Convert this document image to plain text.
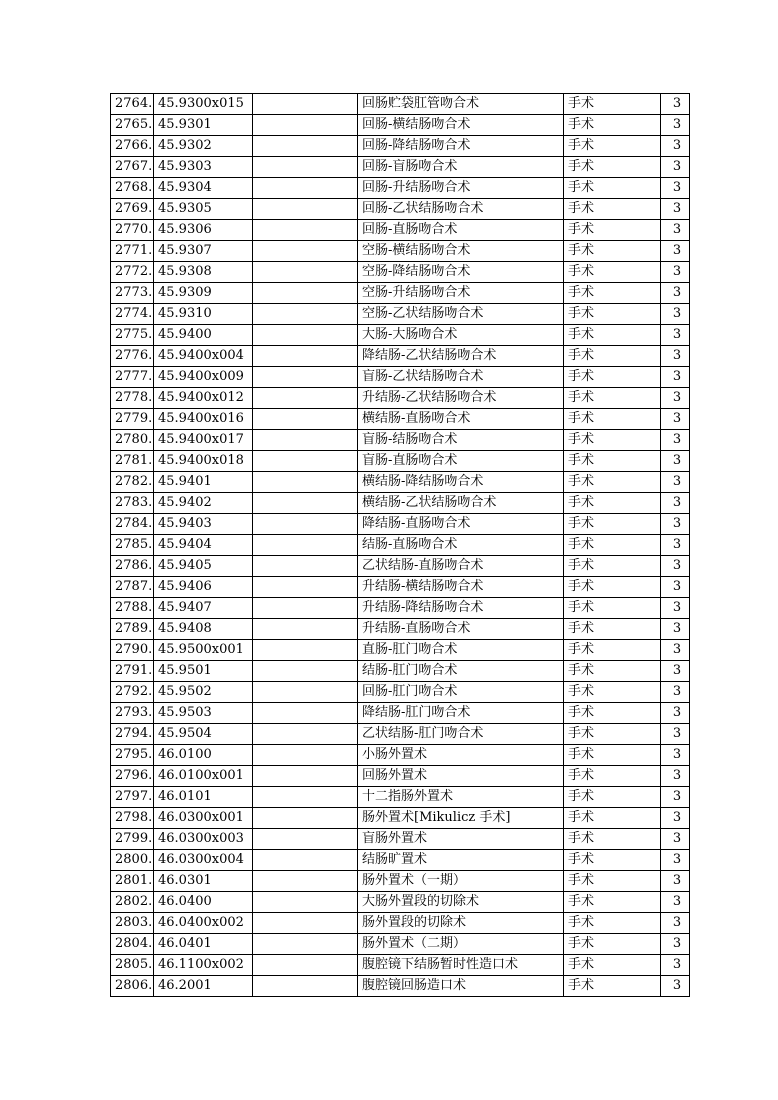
2764.	45.9300x015		回肠贮袋肛管吻合术	手术	3
2765.	45.9301		回肠-横结肠吻合术	手术	3
2766.	45.9302		回肠-降结肠吻合术	手术	3
2767.	45.9303		回肠-盲肠吻合术	手术	3
2768.	45.9304		回肠-升结肠吻合术	手术	3
2769.	45.9305		回肠-乙状结肠吻合术	手术	3
2770.	45.9306		回肠-直肠吻合术	手术	3
2771.	45.9307		空肠-横结肠吻合术	手术	3
2772.	45.9308		空肠-降结肠吻合术	手术	3
2773.	45.9309		空肠-升结肠吻合术	手术	3
2774.	45.9310		空肠-乙状结肠吻合术	手术	3
2775.	45.9400		大肠-大肠吻合术	手术	3
2776.	45.9400x004		降结肠-乙状结肠吻合术	手术	3
2777.	45.9400x009		盲肠-乙状结肠吻合术	手术	3
2778.	45.9400x012		升结肠-乙状结肠吻合术	手术	3
2779.	45.9400x016		横结肠-直肠吻合术	手术	3
2780.	45.9400x017		盲肠-结肠吻合术	手术	3
2781.	45.9400x018		盲肠-直肠吻合术	手术	3
2782.	45.9401		横结肠-降结肠吻合术	手术	3
2783.	45.9402		横结肠-乙状结肠吻合术	手术	3
2784.	45.9403		降结肠-直肠吻合术	手术	3
2785.	45.9404		结肠-直肠吻合术	手术	3
2786.	45.9405		乙状结肠-直肠吻合术	手术	3
2787.	45.9406		升结肠-横结肠吻合术	手术	3
2788.	45.9407		升结肠-降结肠吻合术	手术	3
2789.	45.9408		升结肠-直肠吻合术	手术	3
2790.	45.9500x001		直肠-肛门吻合术	手术	3
2791.	45.9501		结肠-肛门吻合术	手术	3
2792.	45.9502		回肠-肛门吻合术	手术	3
2793.	45.9503		降结肠-肛门吻合术	手术	3
2794.	45.9504		乙状结肠-肛门吻合术	手术	3
2795.	46.0100		小肠外置术	手术	3
2796.	46.0100x001		回肠外置术	手术	3
2797.	46.0101		十二指肠外置术	手术	3
2798.	46.0300x001		肠外置术[Mikulicz 手术]	手术	3
2799.	46.0300x003		盲肠外置术	手术	3
2800.	46.0300x004		结肠旷置术	手术	3
2801.	46.0301		肠外置术（一期）	手术	3
2802.	46.0400		大肠外置段的切除术	手术	3
2803.	46.0400x002		肠外置段的切除术	手术	3
2804.	46.0401		肠外置术（二期）	手术	3
2805.	46.1100x002		腹腔镜下结肠暂时性造口术	手术	3
2806.	46.2001		腹腔镜回肠造口术	手术	3
